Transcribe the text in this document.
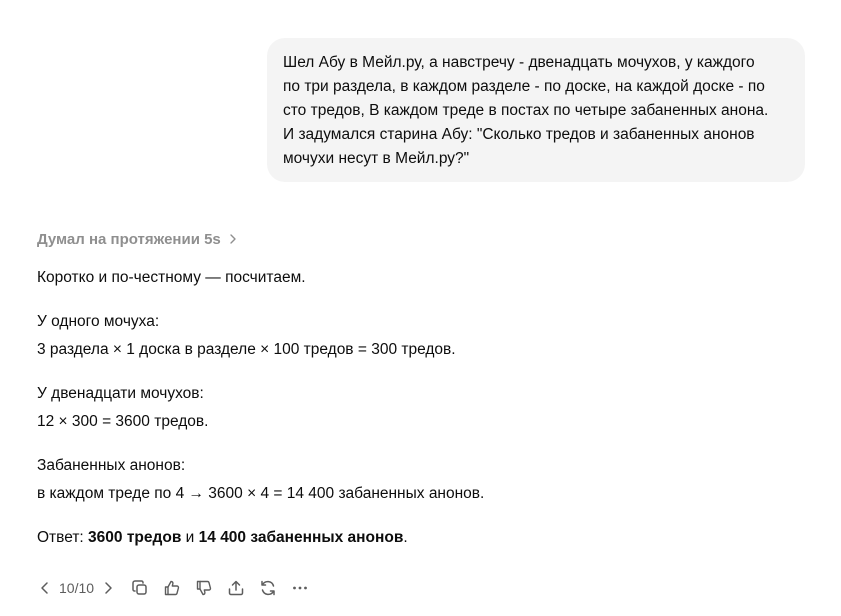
Шел Абу в Мейл.ру, а навстречу - двенадцать мочухов, у каждого
по три раздела, в каждом разделе - по доске, на каждой доске - по
сто тредов, В каждом треде в постах по четыре забаненных анона.
И задумался старина Абу: "Сколько тредов и забаненных анонов
мочухи несут в Мейл.ру?"
Думал на протяжении 5s
Коротко и по-честному — посчитаем.
У одного мочуха:
3 раздела × 1 доска в разделе × 100 тредов = 300 тредов.
У двенадцати мочухов:
12 × 300 = 3600 тредов.
Забаненных анонов:
в каждом треде по 4 → 3600 × 4 = 14 400 забаненных анонов.
Ответ: 3600 тредов и 14 400 забаненных анонов.
10/10
